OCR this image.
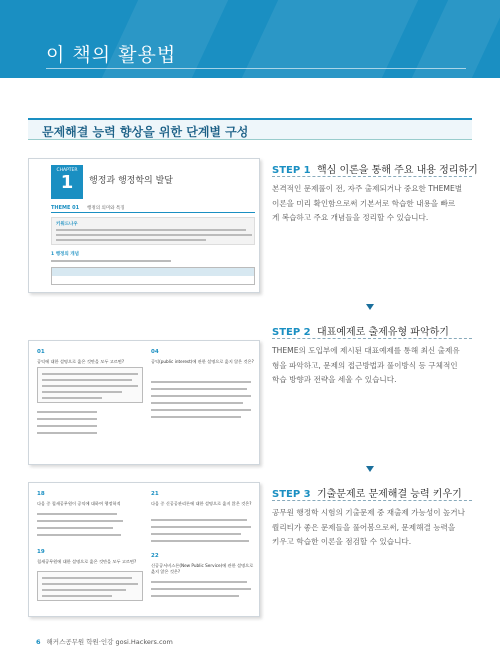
이 책의 활용법
문제해결 능력 향상을 위한 단계별 구성
CHAPTER
1	행정과 행정학의 발달
THEME 01 행정의 의미와 특징
키워드나우
1 행정의 개념
01
공익에 대한 설명으로 옳은 것만을 모두 고르면?
04
공익(public interest)에 관한 설명으로 옳지 않은 것은?
18
다음 중 철새공무원이 공익에 대하여 행정학적
19
철새공무원에 대한 설명으로 옳은 것만을 모두 고르면?
21
다음 중 신공공관리론에 대한 설명으로 옳지 않은 것은?
22
신공공서비스론(New Public Service)에 관한 설명으로 옳지 않은 것은?
STEP 1 핵심 이론을 통해 주요 내용 정리하기
본격적인 문제풀이 전, 자주 출제되거나 중요한 THEME별
이론을 미리 확인함으로써 기본서로 학습한 내용을 빠르
게 복습하고 주요 개념들을 정리할 수 있습니다.
STEP 2 대표예제로 출제유형 파악하기
THEME의 도입부에 제시된 대표예제를 통해 최신 출제유
형을 파악하고, 문제의 접근방법과 풀이방식 등 구체적인
학습 방향과 전략을 세울 수 있습니다.
STEP 3 기출문제로 문제해결 능력 키우기
공무원 행정학 시험의 기출문제 중 재출제 가능성이 높거나
퀄리티가 좋은 문제들을 풀어봄으로써, 문제해결 능력을
키우고 학습한 이론을 점검할 수 있습니다.
6 해커스공무원 학원·인강 gosi.Hackers.com
